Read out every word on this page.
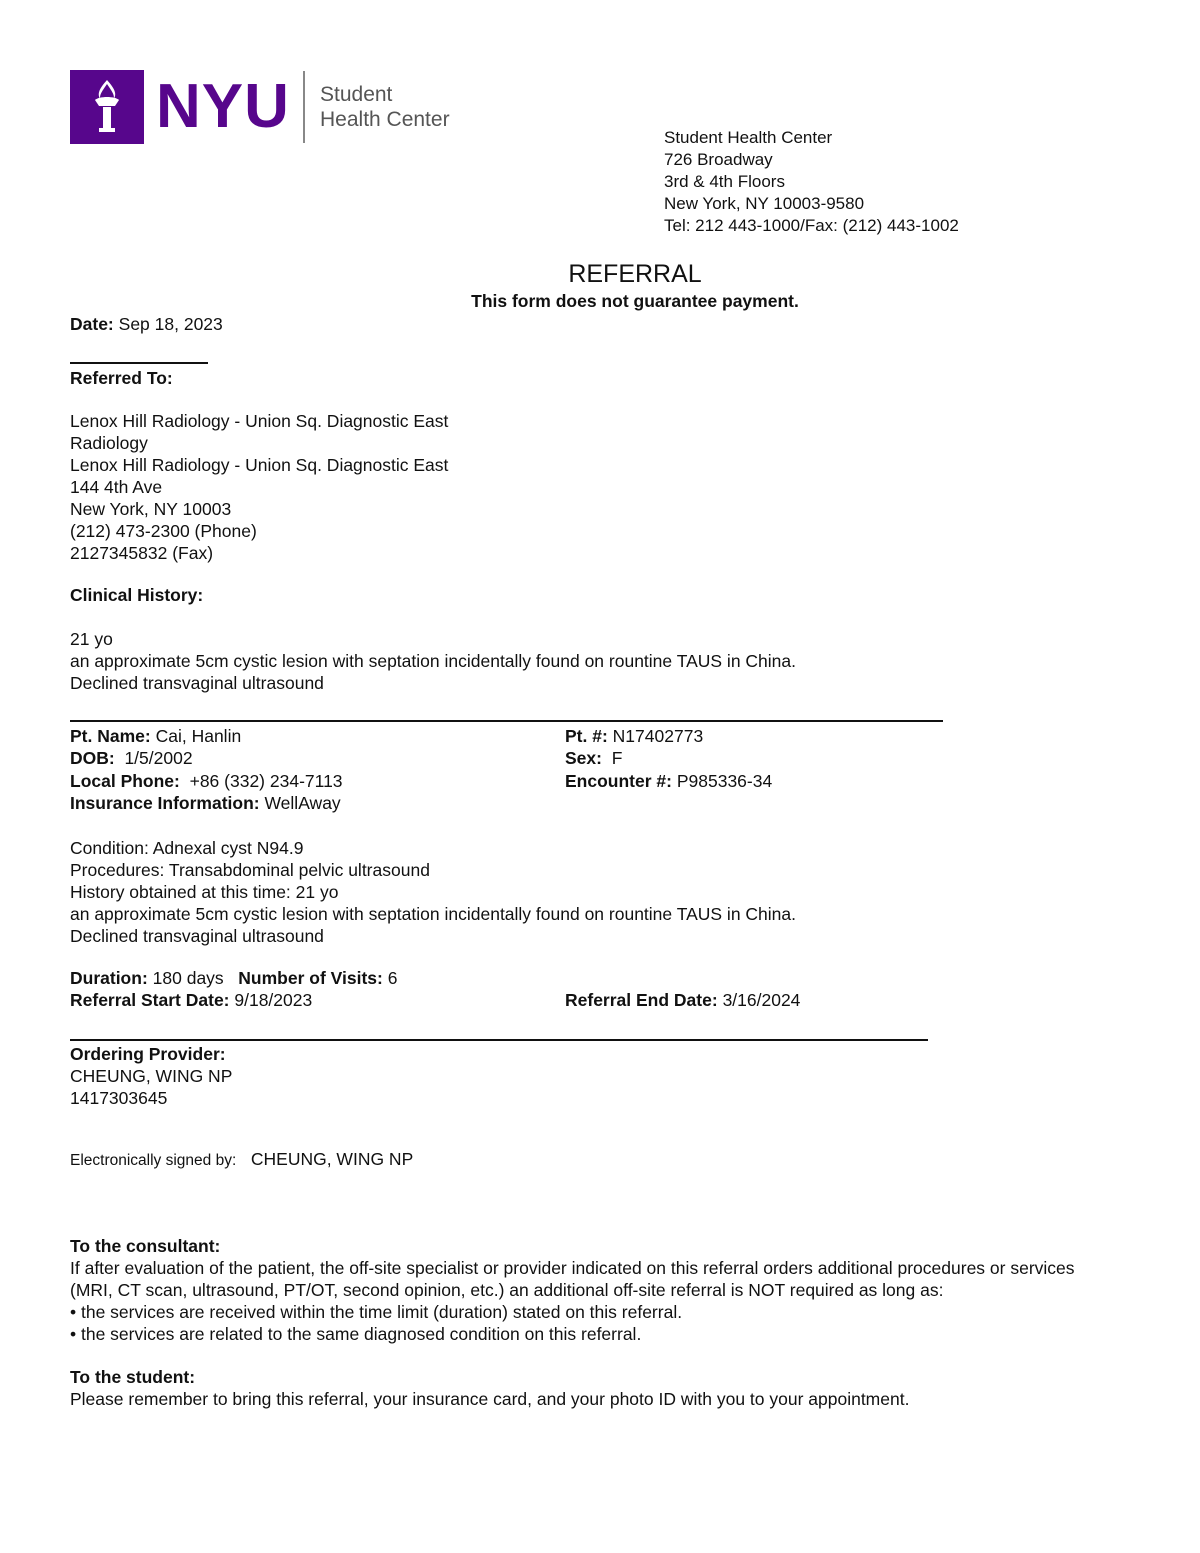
NYU Student
Health Center
Student Health Center
726 Broadway
3rd & 4th Floors
New York, NY 10003-9580
Tel: 212 443-1000/Fax: (212) 443-1002
REFERRAL
This form does not guarantee payment.
Date: Sep 18, 2023
Referred To:
Lenox Hill Radiology - Union Sq. Diagnostic East
Radiology
Lenox Hill Radiology - Union Sq. Diagnostic East
144 4th Ave
New York, NY 10003
(212) 473-2300 (Phone)
2127345832 (Fax)
Clinical History:
21 yo
an approximate 5cm cystic lesion with septation incidentally found on rountine TAUS in China.
Declined transvaginal ultrasound
Pt. Name: Cai, Hanlin	Pt. #: N17402773
DOB: 1/5/2002	Sex: F
Local Phone: +86 (332) 234-7113	Encounter #: P985336-34
Insurance Information: WellAway
Condition: Adnexal cyst N94.9
Procedures: Transabdominal pelvic ultrasound
History obtained at this time: 21 yo
an approximate 5cm cystic lesion with septation incidentally found on rountine TAUS in China.
Declined transvaginal ultrasound
Duration: 180 days Number of Visits: 6
Referral Start Date: 9/18/2023	Referral End Date: 3/16/2024
Ordering Provider:
CHEUNG, WING NP
1417303645
Electronically signed by: CHEUNG, WING NP
To the consultant:
If after evaluation of the patient, the off-site specialist or provider indicated on this referral orders additional procedures or services
(MRI, CT scan, ultrasound, PT/OT, second opinion, etc.) an additional off-site referral is NOT required as long as:
• the services are received within the time limit (duration) stated on this referral.
• the services are related to the same diagnosed condition on this referral.
To the student:
Please remember to bring this referral, your insurance card, and your photo ID with you to your appointment.
